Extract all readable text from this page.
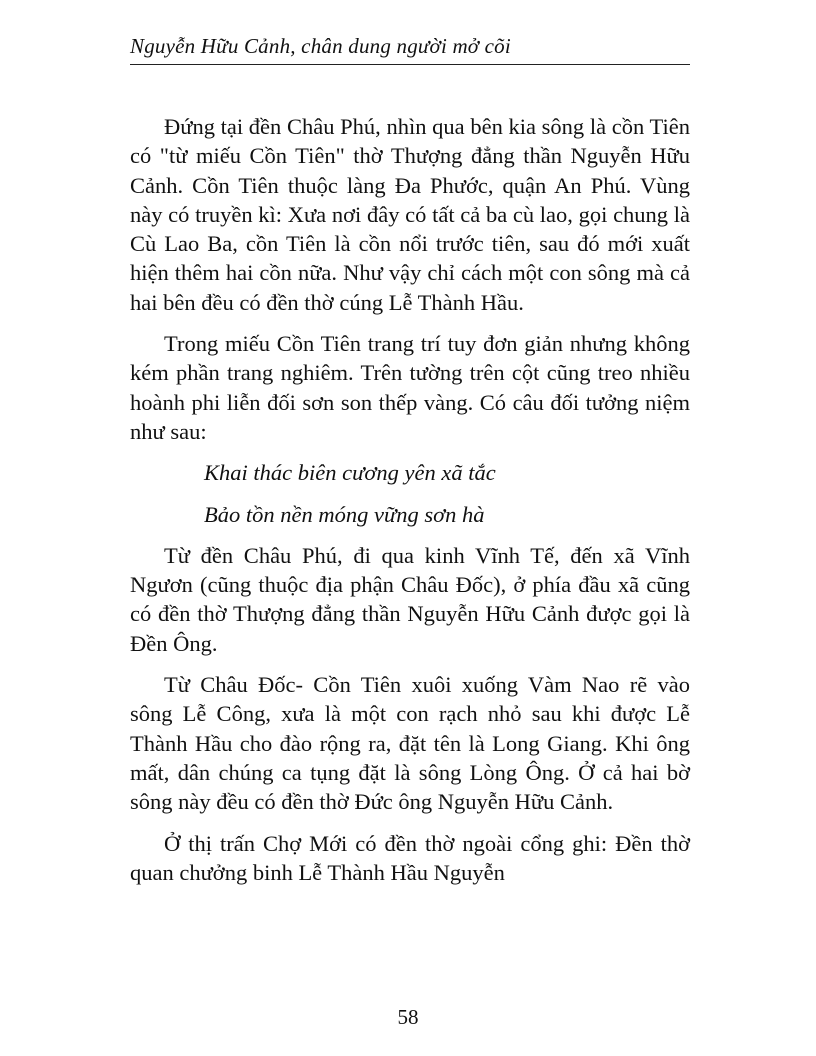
Nguyễn Hữu Cảnh, chân dung người mở cõi

Đứng tại đền Châu Phú, nhìn qua bên kia sông là cồn Tiên có "từ miếu Cồn Tiên" thờ Thượng đẳng thần Nguyễn Hữu Cảnh. Cồn Tiên thuộc làng Đa Phước, quận An Phú. Vùng này có truyền kì: Xưa nơi đây có tất cả ba cù lao, gọi chung là Cù Lao Ba, cồn Tiên là cồn nổi trước tiên, sau đó mới xuất hiện thêm hai cồn nữa. Như vậy chỉ cách một con sông mà cả hai bên đều có đền thờ cúng Lễ Thành Hầu.

Trong miếu Cồn Tiên trang trí tuy đơn giản nhưng không kém phần trang nghiêm. Trên tường trên cột cũng treo nhiều hoành phi liễn đối sơn son thếp vàng. Có câu đối tưởng niệm như sau:

Khai thác biên cương yên xã tắc
Bảo tồn nền móng vững sơn hà

Từ đền Châu Phú, đi qua kinh Vĩnh Tế, đến xã Vĩnh Ngươn (cũng thuộc địa phận Châu Đốc), ở phía đầu xã cũng có đền thờ Thượng đẳng thần Nguyễn Hữu Cảnh được gọi là Đền Ông.

Từ Châu Đốc- Cồn Tiên xuôi xuống Vàm Nao rẽ vào sông Lễ Công, xưa là một con rạch nhỏ sau khi được Lễ Thành Hầu cho đào rộng ra, đặt tên là Long Giang. Khi ông mất, dân chúng ca tụng đặt là sông Lòng Ông. Ở cả hai bờ sông này đều có đền thờ Đức ông Nguyễn Hữu Cảnh.

Ở thị trấn Chợ Mới có đền thờ ngoài cổng ghi: Đền thờ quan chưởng binh Lễ Thành Hầu Nguyễn

58
